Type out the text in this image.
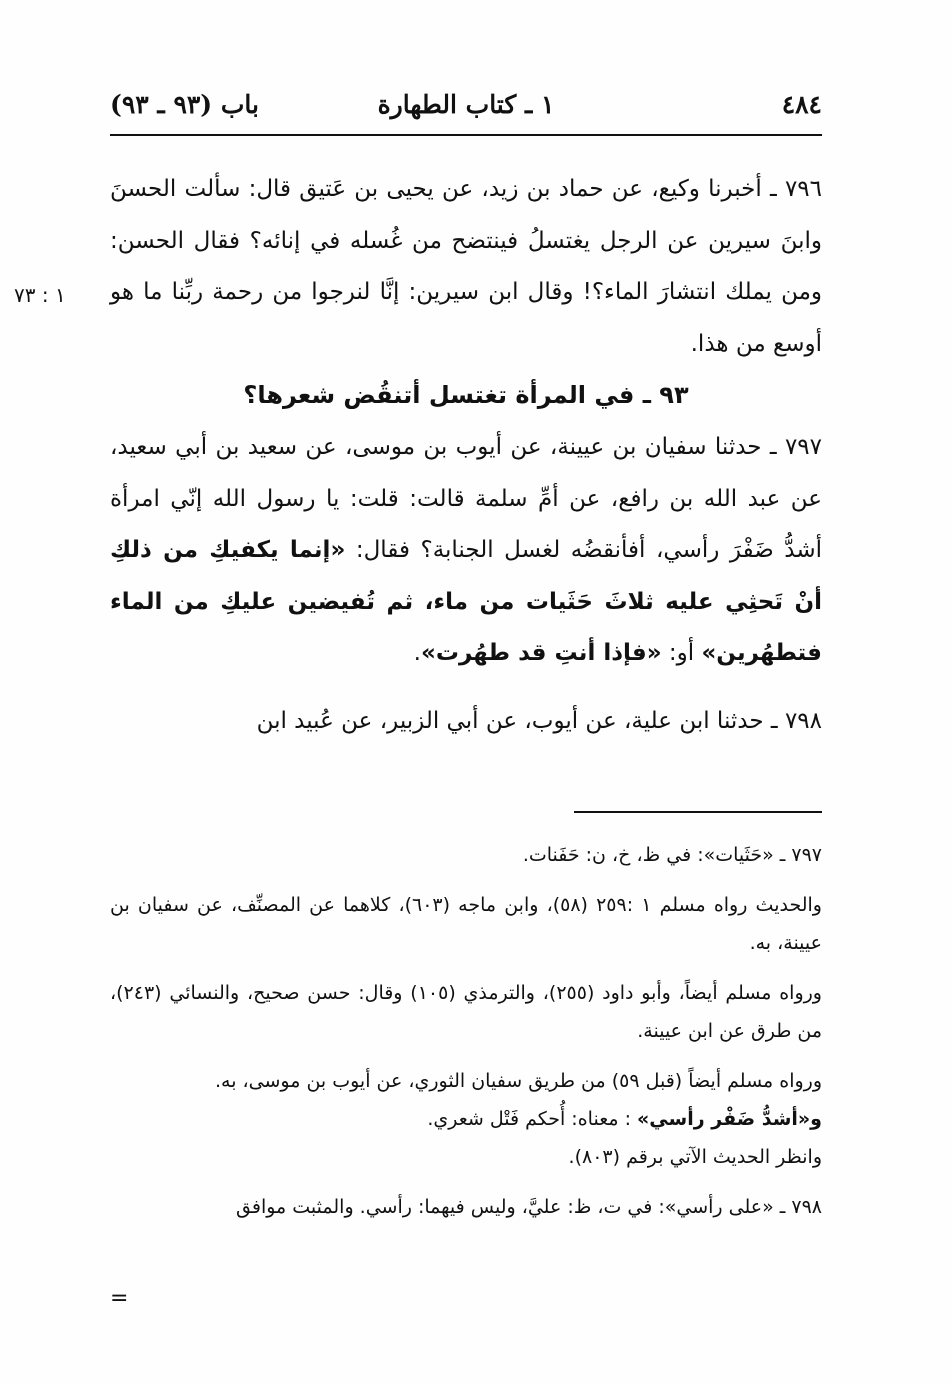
٤٨٤
١ ـ كتاب الطهارة
باب (٩٣ ـ ٩٣)
١ : ٧٣

٧٩٦ ـ أخبرنا وكيع، عن حماد بن زيد، عن يحيى بن عَتيق قال: سألت الحسنَ وابنَ سيرين عن الرجل يغتسلُ فينتضح من غُسله في إنائه؟ فقال الحسن: ومن يملك انتشارَ الماء؟! وقال ابن سيرين: إنَّا لنرجوا من رحمة ربِّنا ما هو أوسع من هذا.

٩٣ ـ في المرأة تغتسل أتنقُض شعرها؟

٧٩٧ ـ حدثنا سفيان بن عيينة، عن أيوب بن موسى، عن سعيد بن أبي سعيد، عن عبد الله بن رافع، عن أمِّ سلمة قالت: قلت: يا رسول الله إنّي امرأة أشدُّ ضَفْرَ رأسي، أفأنقضُه لغسل الجنابة؟ فقال: «إنما يكفيكِ من ذلكِ أنْ تَحثِي عليه ثلاثَ حَثَيات من ماء، ثم تُفيضين عليكِ من الماء فتطهُرين» أو: «فإذا أنتِ قد طهُرت».

٧٩٨ ـ حدثنا ابن علية، عن أيوب، عن أبي الزبير، عن عُبيد ابن

٧٩٧ ـ «حَثَيات»: في ظ، خ، ن: حَفَنات.

والحديث رواه مسلم ١ :٢٥٩ (٥٨)، وابن ماجه (٦٠٣)، كلاهما عن المصنِّف، عن سفيان بن عيينة، به.

ورواه مسلم أيضاً، وأبو داود (٢٥٥)، والترمذي (١٠٥) وقال: حسن صحيح، والنسائي (٢٤٣)، من طرق عن ابن عيينة.

ورواه مسلم أيضاً (قبل ٥٩) من طريق سفيان الثوري، عن أيوب بن موسى، به.

و«أشدُّ ضَفْر رأسي» : معناه: أُحكم فَتْل شعري.

وانظر الحديث الآتي برقم (٨٠٣).

٧٩٨ ـ «على رأسي»: في ت، ظ: عليَّ، وليس فيهما: رأسي. والمثبت موافق

=
